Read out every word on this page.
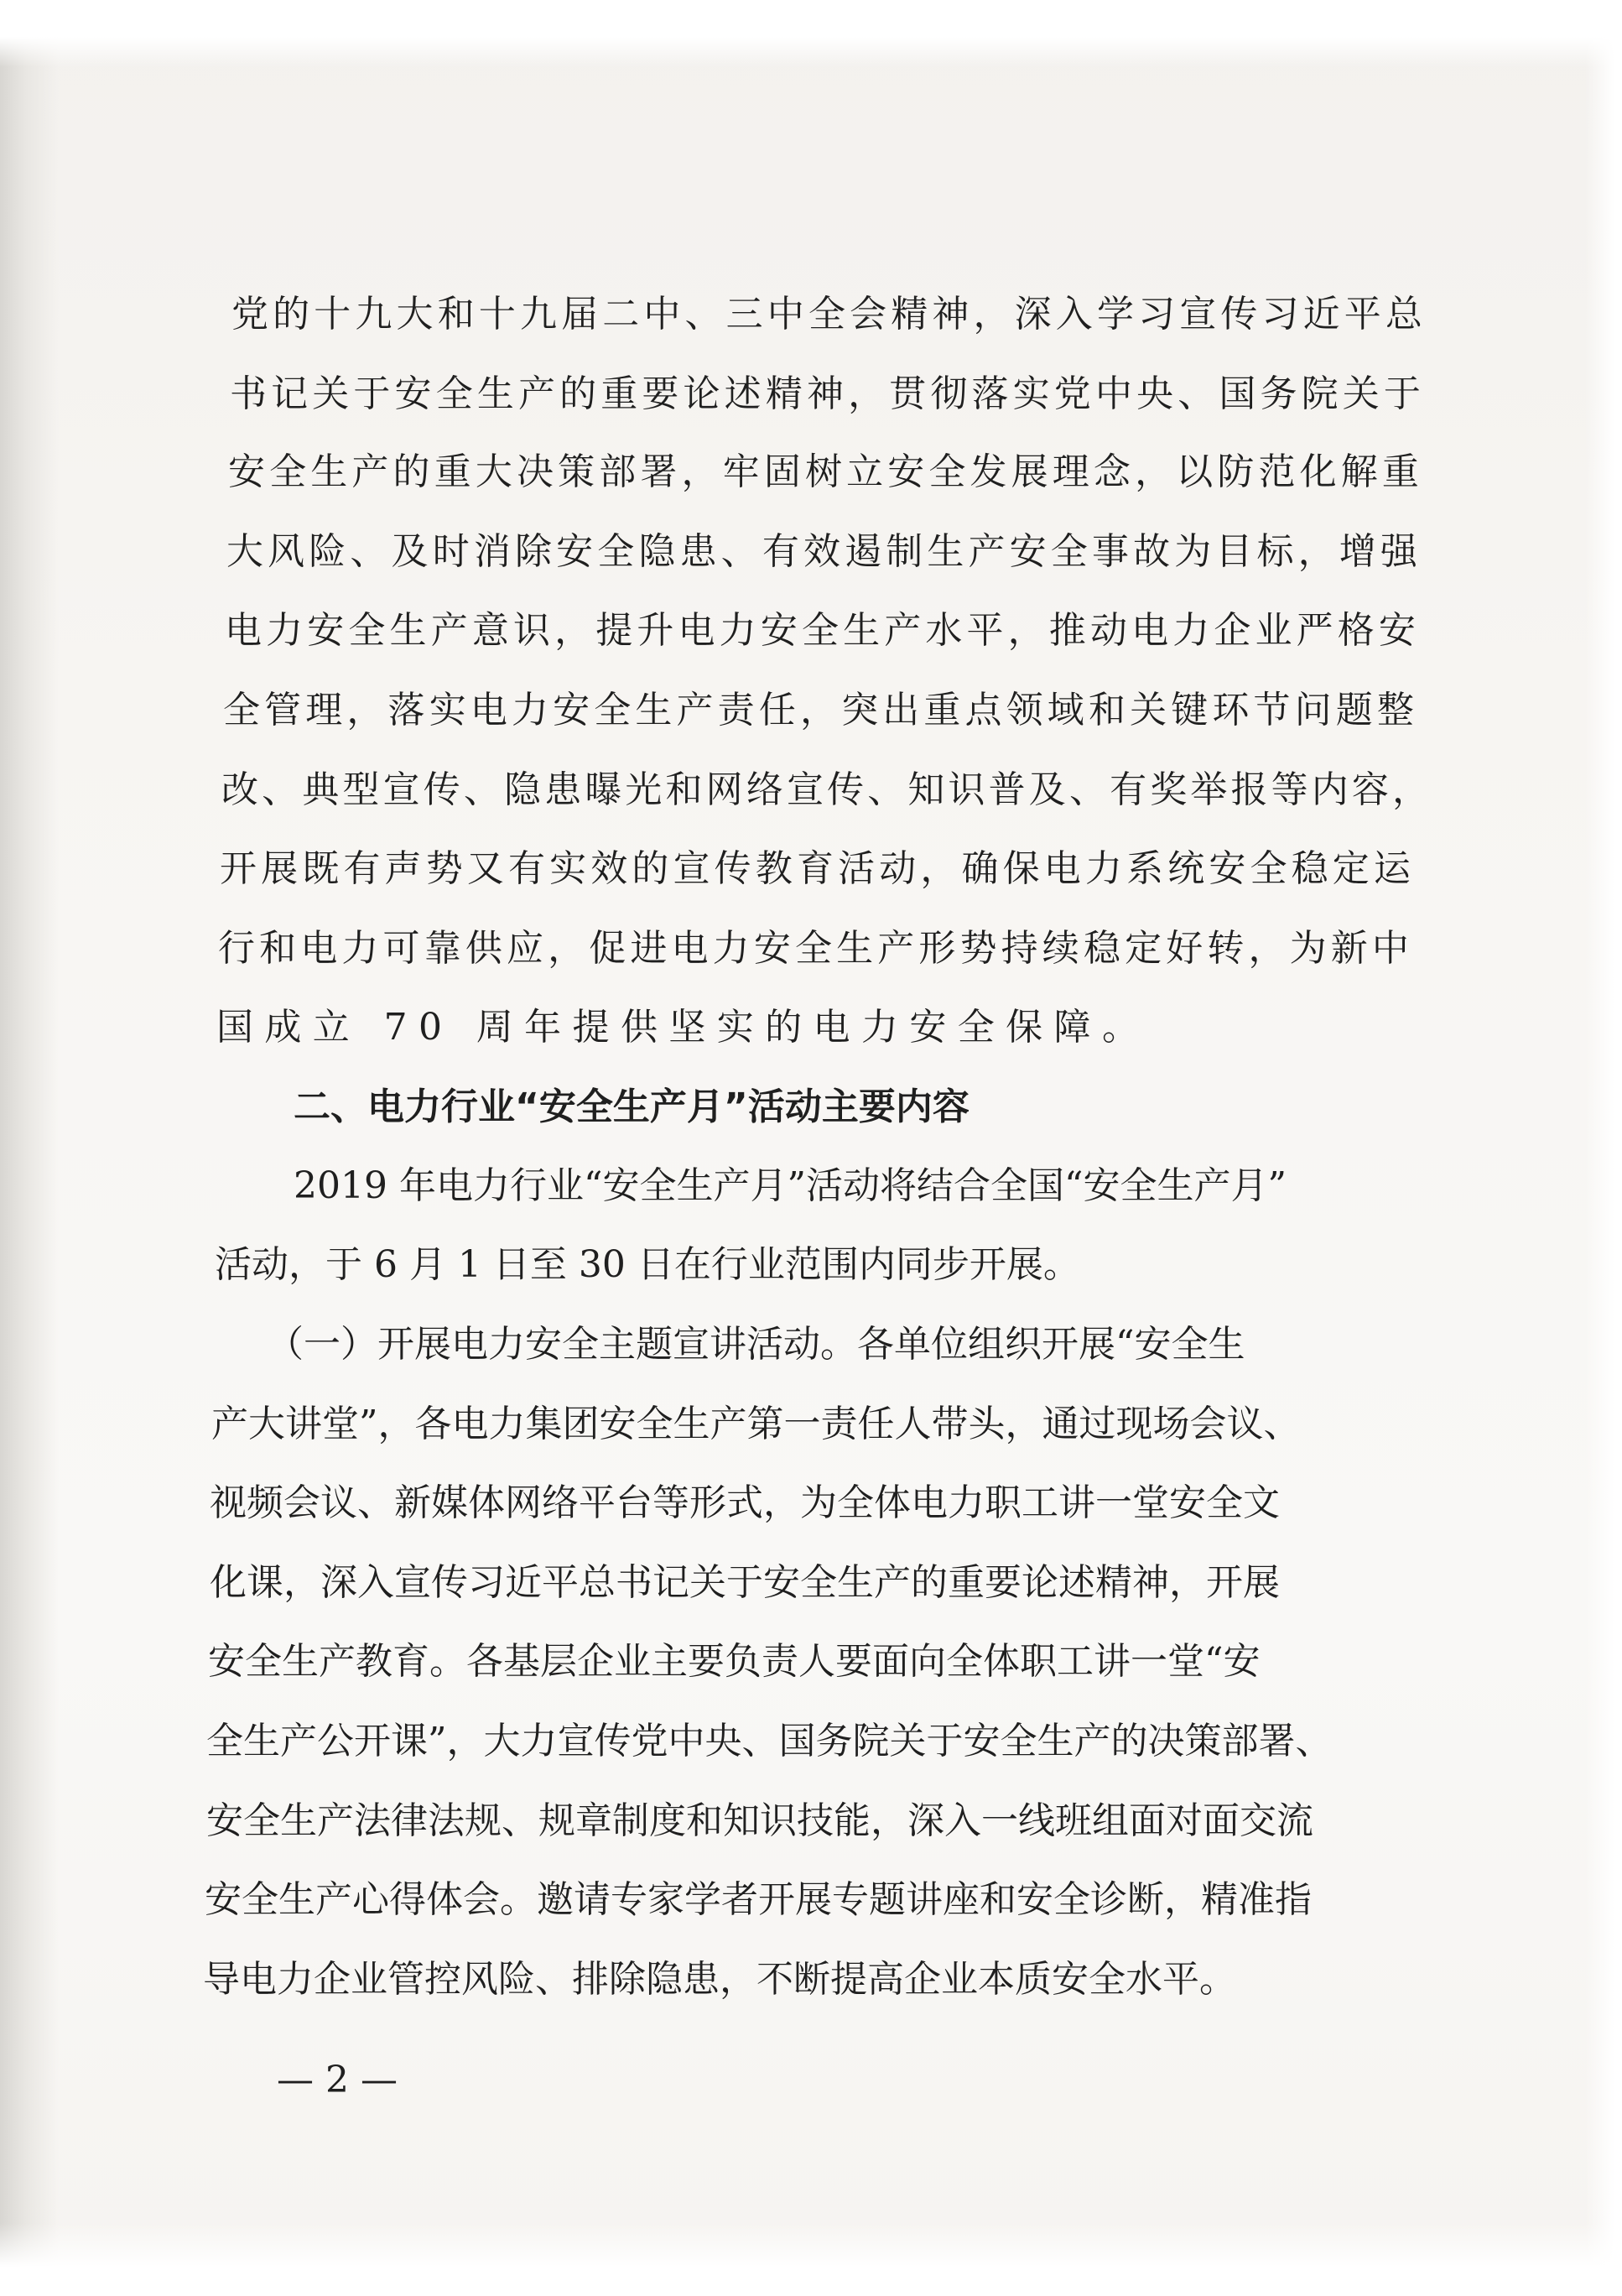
党的十九大和十九届二中、三中全会精神，深入学习宣传习近平总
书记关于安全生产的重要论述精神，贯彻落实党中央、国务院关于
安全生产的重大决策部署，牢固树立安全发展理念，以防范化解重
大风险、及时消除安全隐患、有效遏制生产安全事故为目标，增强
电力安全生产意识，提升电力安全生产水平，推动电力企业严格安
全管理，落实电力安全生产责任，突出重点领域和关键环节问题整
改、典型宣传、隐患曝光和网络宣传、知识普及、有奖举报等内容，
开展既有声势又有实效的宣传教育活动，确保电力系统安全稳定运
行和电力可靠供应，促进电力安全生产形势持续稳定好转，为新中
国成立 70 周年提供坚实的电力安全保障。
二、电力行业“安全生产月”活动主要内容
2019 年电力行业“安全生产月”活动将结合全国“安全生产月”
活动，于 6 月 1 日至 30 日在行业范围内同步开展。
（一）开展电力安全主题宣讲活动。各单位组织开展“安全生
产大讲堂”，各电力集团安全生产第一责任人带头，通过现场会议、
视频会议、新媒体网络平台等形式，为全体电力职工讲一堂安全文
化课，深入宣传习近平总书记关于安全生产的重要论述精神，开展
安全生产教育。各基层企业主要负责人要面向全体职工讲一堂“安
全生产公开课”，大力宣传党中央、国务院关于安全生产的决策部署、
安全生产法律法规、规章制度和知识技能，深入一线班组面对面交流
安全生产心得体会。邀请专家学者开展专题讲座和安全诊断，精准指
导电力企业管控风险、排除隐患，不断提高企业本质安全水平。
— 2 —
